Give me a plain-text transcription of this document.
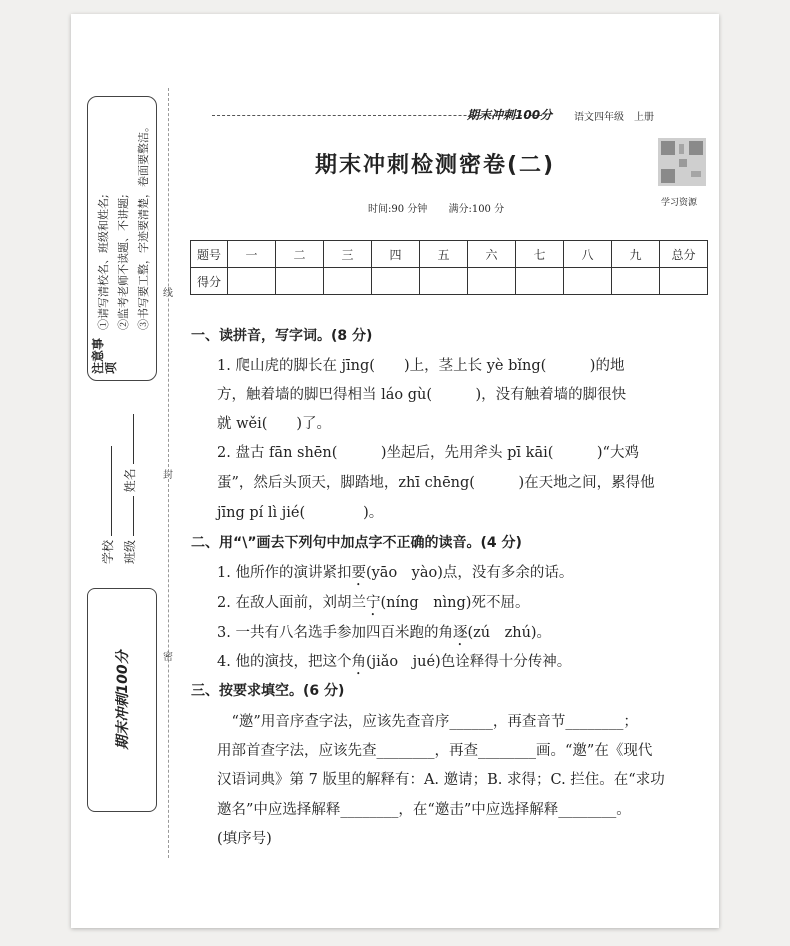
注意事项
①请写清校名、班级和姓名; ②监考老师不读题、不讲题; ③书写要工整，字迹要清楚，卷面要整洁。
学校 班级  姓名
期末冲刺100分
线
封
密
期末冲刺100分 语文四年级　上册
期末冲刺检测密卷(二)
时间:90 分钟 满分:100 分
学习资源
题号	一	二	三	四	五	六	七	八	九	总分
得分										
一、读拼音，写字词。(8 分)
1. 爬山虎的脚长在 jīng(　　)上，茎上长 yè bǐng(　　　)的地
方，触着墙的脚巴得相当 láo gù(　　　)，没有触着墙的脚很快
就 wěi(　　)了。
2. 盘古 fān shēn(　　　)坐起后，先用斧头 pī kāi(　　　)“大鸡
蛋”，然后头顶天，脚踏地，zhī chēng(　　　)在天地之间，累得他
jīng pí lì jié(　　　　)。
二、用“\”画去下列句中加点字不正确的读音。(4 分)
1. 他所作的演讲紧扣要(yāo　yào)点，没有多余的话。
2. 在敌人面前，刘胡兰宁(níng　nìng)死不屈。
3. 一共有八名选手参加四百米跑的角逐(zú　zhú)。
4. 他的演技，把这个角(jiǎo　jué)色诠释得十分传神。
三、按要求填空。(6 分)
　“邀”用音序查字法，应该先查音序______，再查音节________；
用部首查字法，应该先查________，再查________画。“邀”在《现代
汉语词典》第 7 版里的解释有：A. 邀请；B. 求得；C. 拦住。在“求功
邀名”中应选择解释________，在“邀击”中应选择解释________。
(填序号)
